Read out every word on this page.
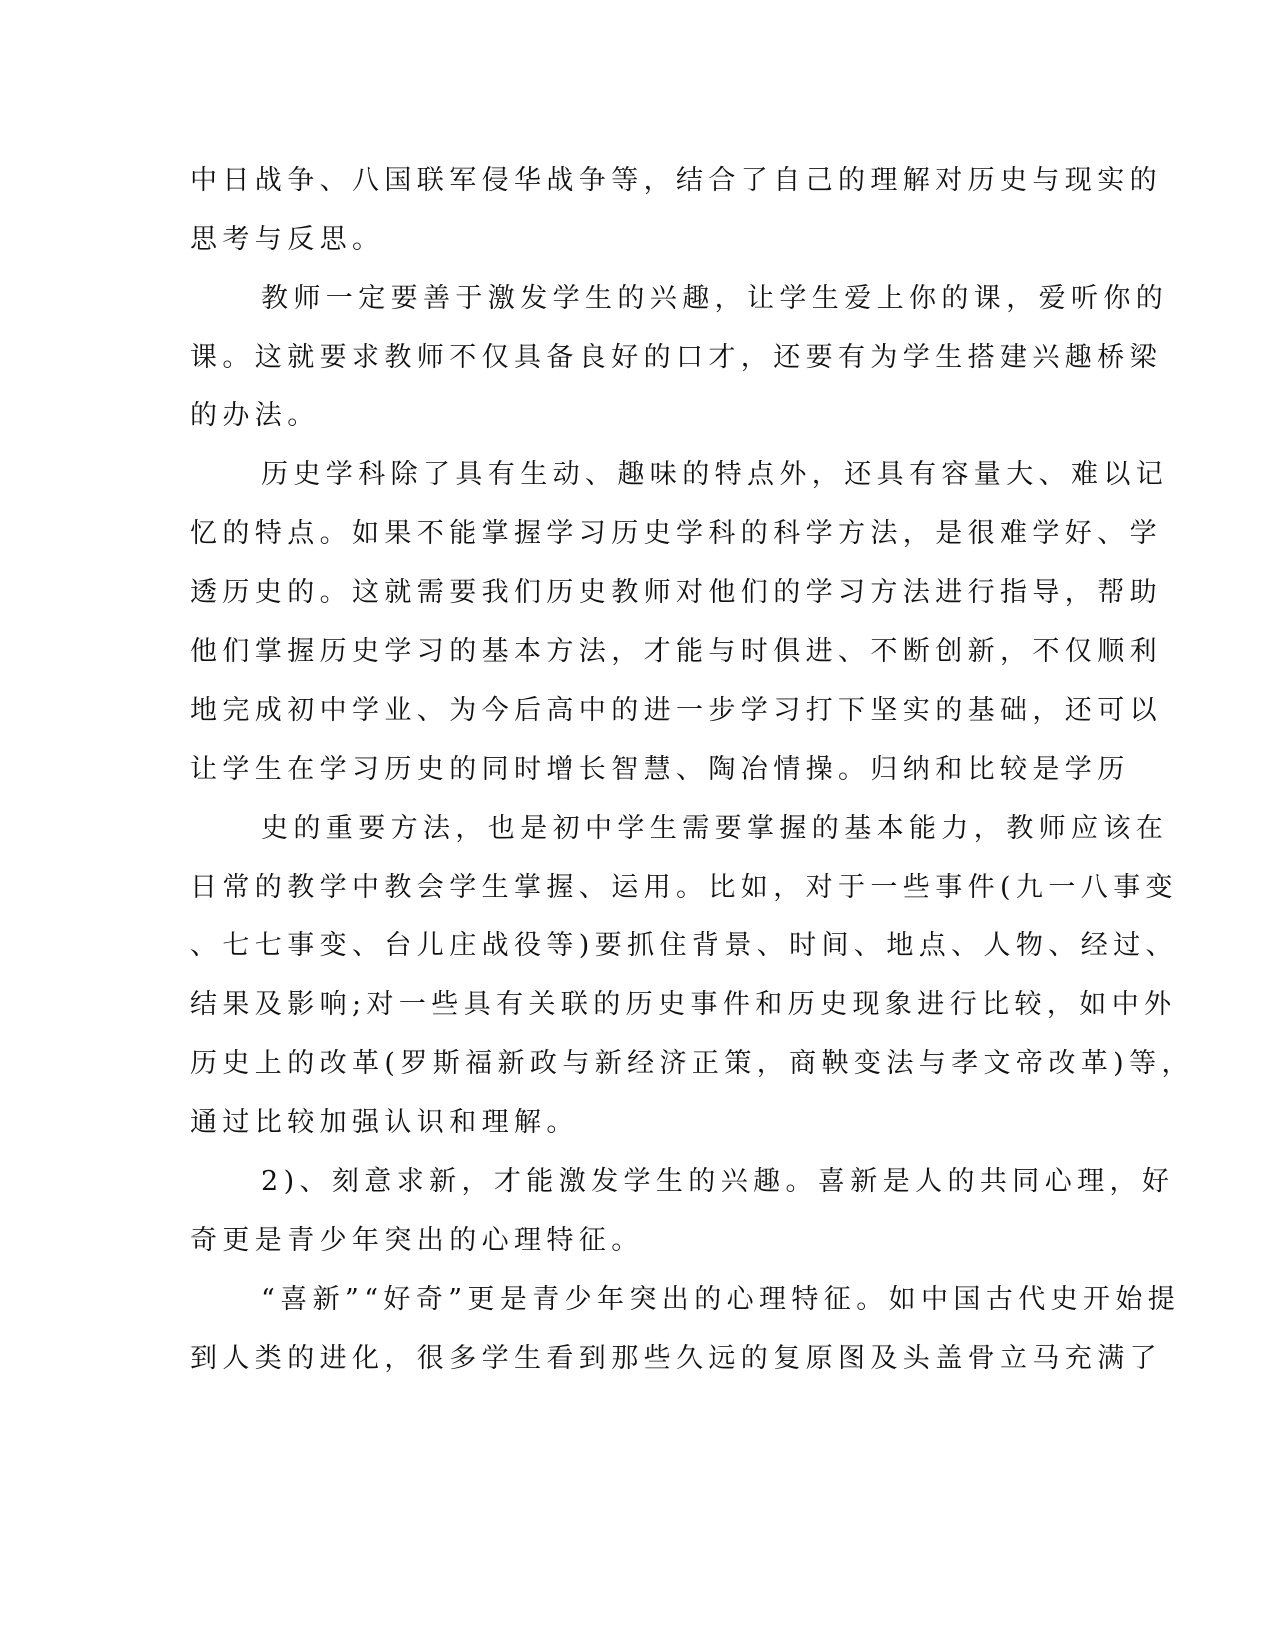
中日战争、八国联军侵华战争等，结合了自己的理解对历史与现实的
思考与反思。
教师一定要善于激发学生的兴趣，让学生爱上你的课，爱听你的
课。这就要求教师不仅具备良好的口才，还要有为学生搭建兴趣桥梁
的办法。
历史学科除了具有生动、趣味的特点外，还具有容量大、难以记
忆的特点。如果不能掌握学习历史学科的科学方法，是很难学好、学
透历史的。这就需要我们历史教师对他们的学习方法进行指导，帮助
他们掌握历史学习的基本方法，才能与时俱进、不断创新，不仅顺利
地完成初中学业、为今后高中的进一步学习打下坚实的基础，还可以
让学生在学习历史的同时增长智慧、陶冶情操。归纳和比较是学历
史的重要方法，也是初中学生需要掌握的基本能力，教师应该在
日常的教学中教会学生掌握、运用。比如，对于一些事件(九一八事变
、七七事变、台儿庄战役等)要抓住背景、时间、地点、人物、经过、
结果及影响;对一些具有关联的历史事件和历史现象进行比较，如中外
历史上的改革(罗斯福新政与新经济正策，商鞅变法与孝文帝改革)等，
通过比较加强认识和理解。
2)、刻意求新，才能激发学生的兴趣。喜新是人的共同心理，好
奇更是青少年突出的心理特征。
“喜新”“好奇”更是青少年突出的心理特征。如中国古代史开始提
到人类的进化，很多学生看到那些久远的复原图及头盖骨立马充满了
